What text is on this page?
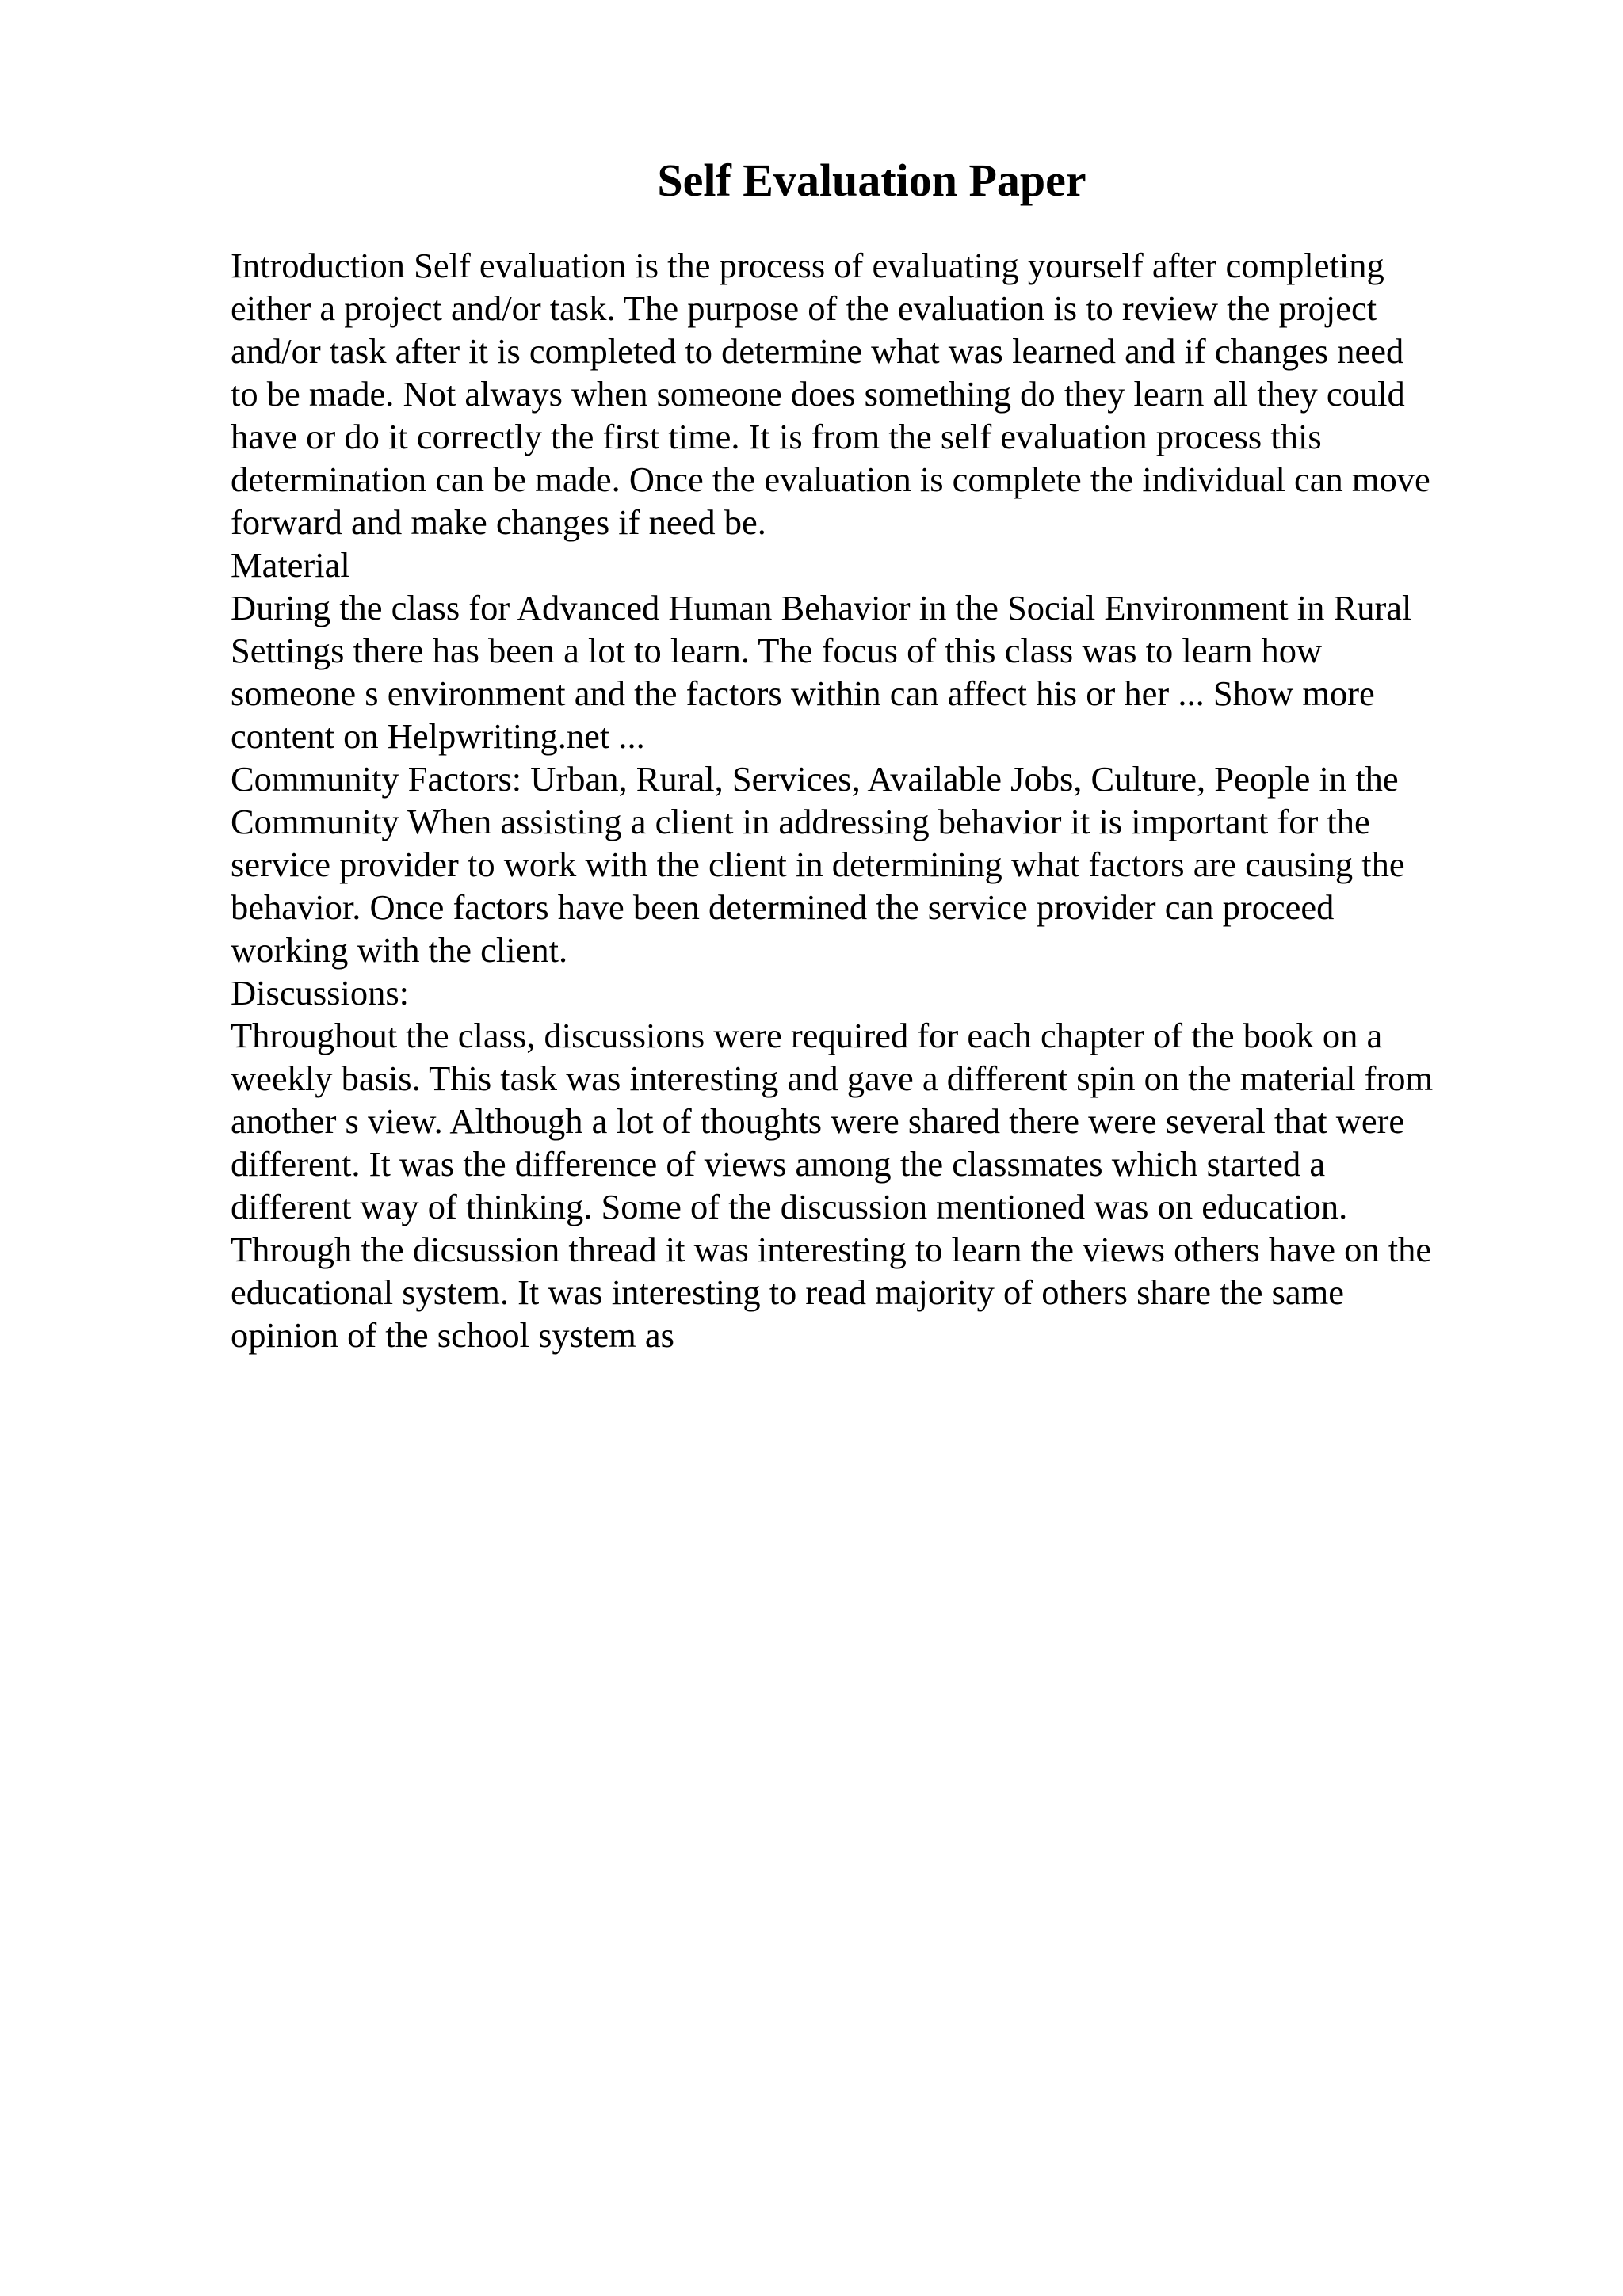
Self Evaluation Paper
Introduction Self evaluation is the process of evaluating yourself after completing
either a project and/or task. The purpose of the evaluation is to review the project
and/or task after it is completed to determine what was learned and if changes need
to be made. Not always when someone does something do they learn all they could
have or do it correctly the first time. It is from the self evaluation process this
determination can be made. Once the evaluation is complete the individual can move
forward and make changes if need be.
Material
During the class for Advanced Human Behavior in the Social Environment in Rural
Settings there has been a lot to learn. The focus of this class was to learn how
someone s environment and the factors within can affect his or her ... Show more
content on Helpwriting.net ...
Community Factors: Urban, Rural, Services, Available Jobs, Culture, People in the
Community When assisting a client in addressing behavior it is important for the
service provider to work with the client in determining what factors are causing the
behavior. Once factors have been determined the service provider can proceed
working with the client.
Discussions:
Throughout the class, discussions were required for each chapter of the book on a
weekly basis. This task was interesting and gave a different spin on the material from
another s view. Although a lot of thoughts were shared there were several that were
different. It was the difference of views among the classmates which started a
different way of thinking. Some of the discussion mentioned was on education.
Through the dicsussion thread it was interesting to learn the views others have on the
educational system. It was interesting to read majority of others share the same
opinion of the school system as
